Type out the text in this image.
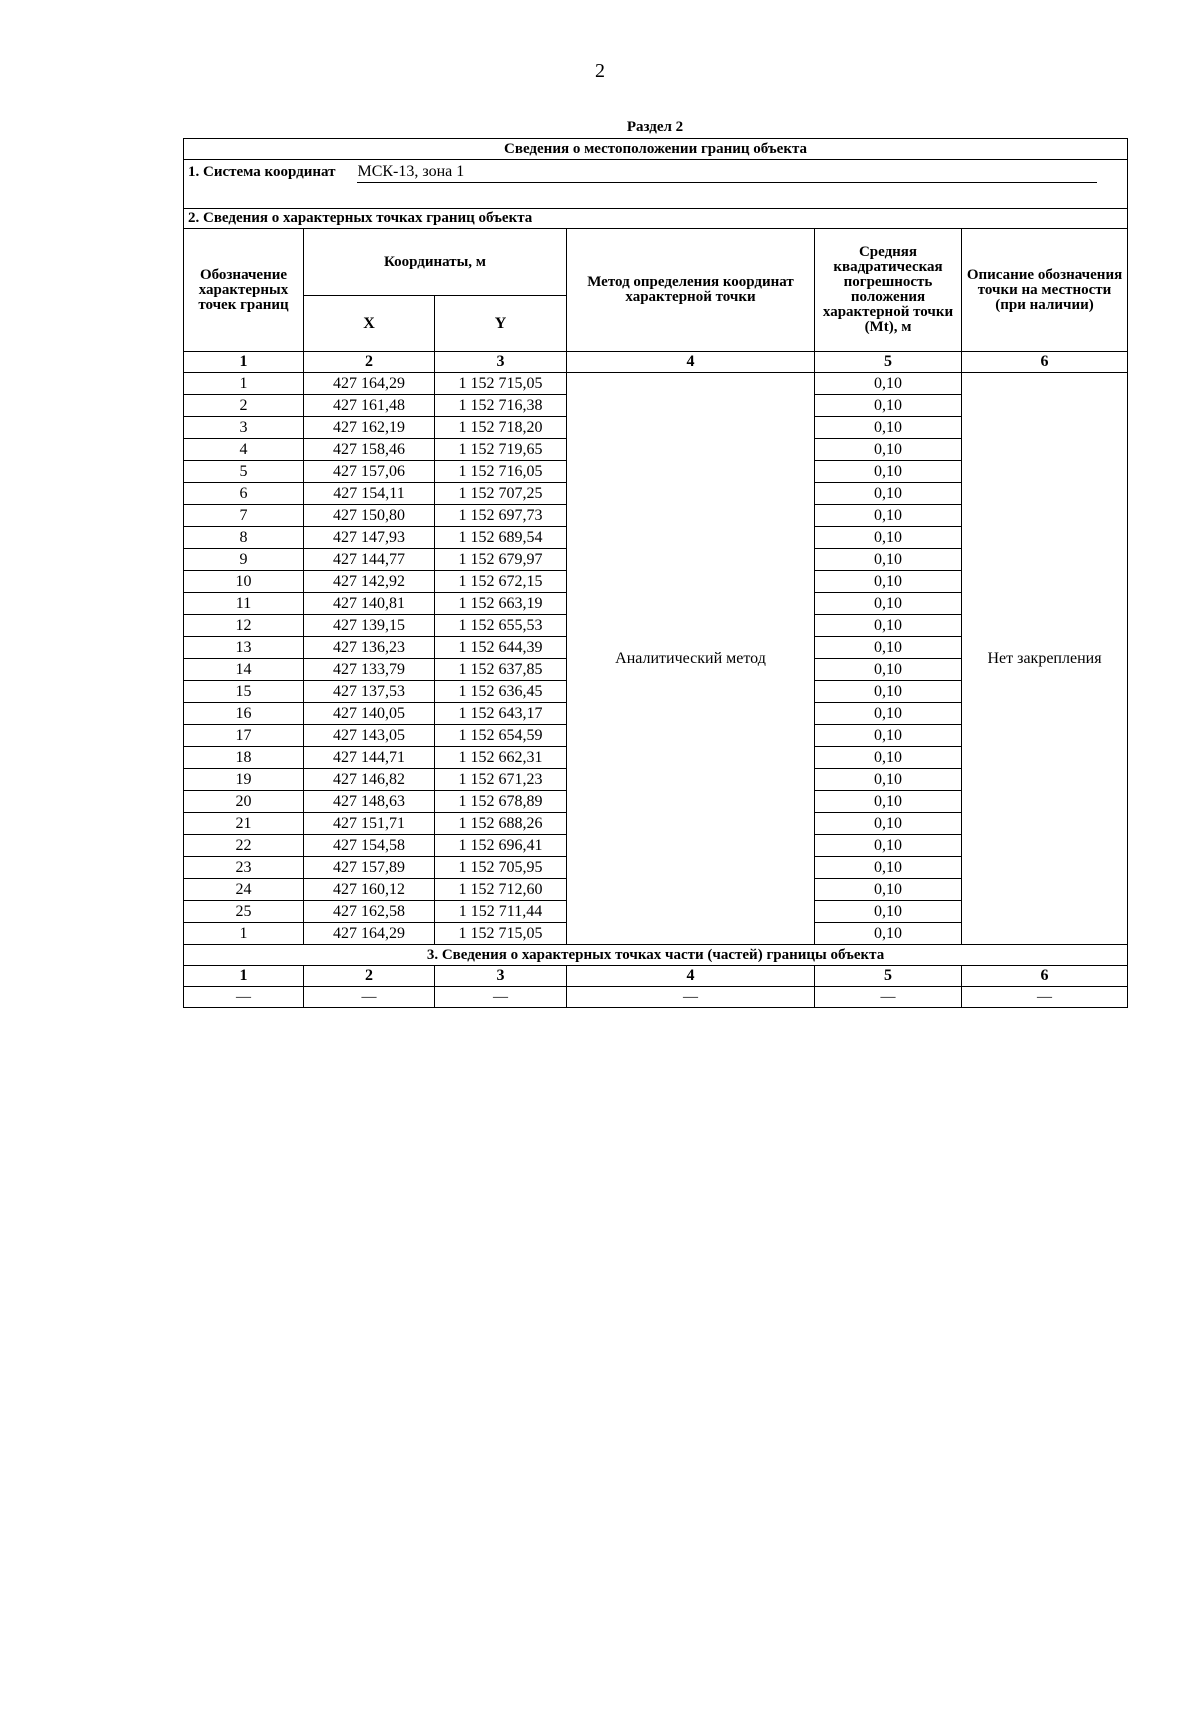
2
Раздел 2
Сведения о местоположении границ объекта					
1. Система координат МСК-13, зона 1					
2. Сведения о характерных точках границ объекта					
Обозначение характерных точек границ	Координаты, м		Метод определения координат характерной точки	Средняя квадратическая погрешность положения характерной точки (Mt), м	Описание обозначения точки на местности (при наличии)
	X	Y			
1	2	3	4	5	6
1	427 164,29	1 152 715,05	Аналитический метод	0,10	Нет закрепления
2	427 161,48	1 152 716,38		0,10	
3	427 162,19	1 152 718,20		0,10	
4	427 158,46	1 152 719,65		0,10	
5	427 157,06	1 152 716,05		0,10	
6	427 154,11	1 152 707,25		0,10	
7	427 150,80	1 152 697,73		0,10	
8	427 147,93	1 152 689,54		0,10	
9	427 144,77	1 152 679,97		0,10	
10	427 142,92	1 152 672,15		0,10	
11	427 140,81	1 152 663,19		0,10	
12	427 139,15	1 152 655,53		0,10	
13	427 136,23	1 152 644,39		0,10	
14	427 133,79	1 152 637,85		0,10	
15	427 137,53	1 152 636,45		0,10	
16	427 140,05	1 152 643,17		0,10	
17	427 143,05	1 152 654,59		0,10	
18	427 144,71	1 152 662,31		0,10	
19	427 146,82	1 152 671,23		0,10	
20	427 148,63	1 152 678,89		0,10	
21	427 151,71	1 152 688,26		0,10	
22	427 154,58	1 152 696,41		0,10	
23	427 157,89	1 152 705,95		0,10	
24	427 160,12	1 152 712,60		0,10	
25	427 162,58	1 152 711,44		0,10	
1	427 164,29	1 152 715,05		0,10	
3. Сведения о характерных точках части (частей) границы объекта					
1	2	3	4	5	6
—	—	—	—	—	—
